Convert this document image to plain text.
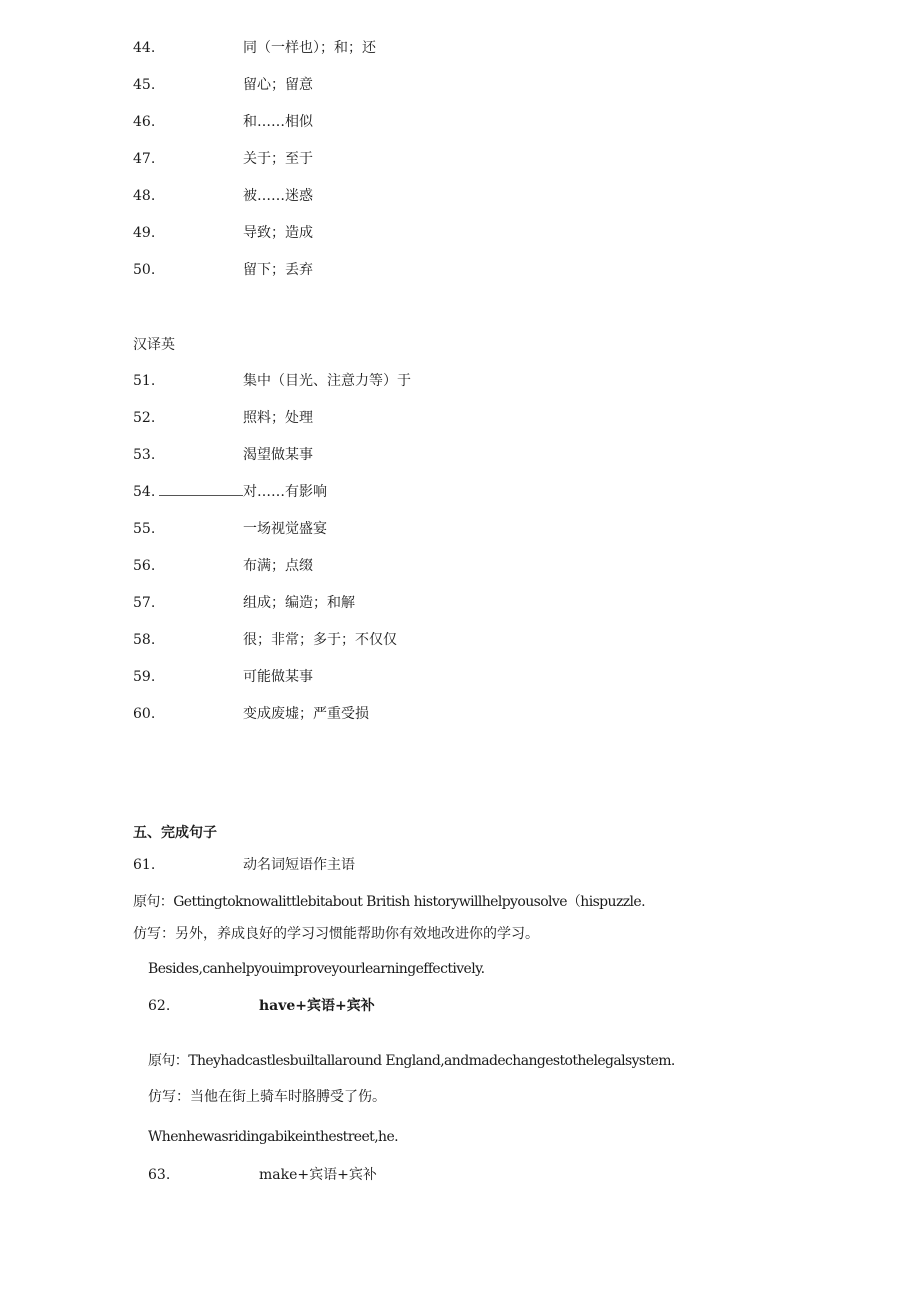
44.	同（一样也）；和；还
45.	留心；留意
46.	和……相似
47.	关于；至于
48.	被……迷惑
49.	导致；造成
50.	留下；丢弃
汉译英
51.	集中（目光、注意力等）于
52.	照料；处理
53.	渴望做某事
54.	对……有影响
55.	一场视觉盛宴
56.	布满；点缀
57.	组成；编造；和解
58.	很；非常；多于；不仅仅
59.	可能做某事
60.	变成废墟；严重受损
五、完成句子
61.	动名词短语作主语
原句：Gettingtoknowalittlebitabout British historywillhelpyousolve（hispuzzle.
仿写：另外，养成良好的学习习惯能帮助你有效地改进你的学习。
Besides,canhelpyouimproveyourlearningeffectively.
62.	have+宾语+宾补
原句：Theyhadcastlesbuiltallaround England,andmadechangestothelegalsystem.
仿写：当他在街上骑车时胳膊受了伤。
Whenhewasridingabikeinthestreet,he.
63.	make+宾语+宾补
